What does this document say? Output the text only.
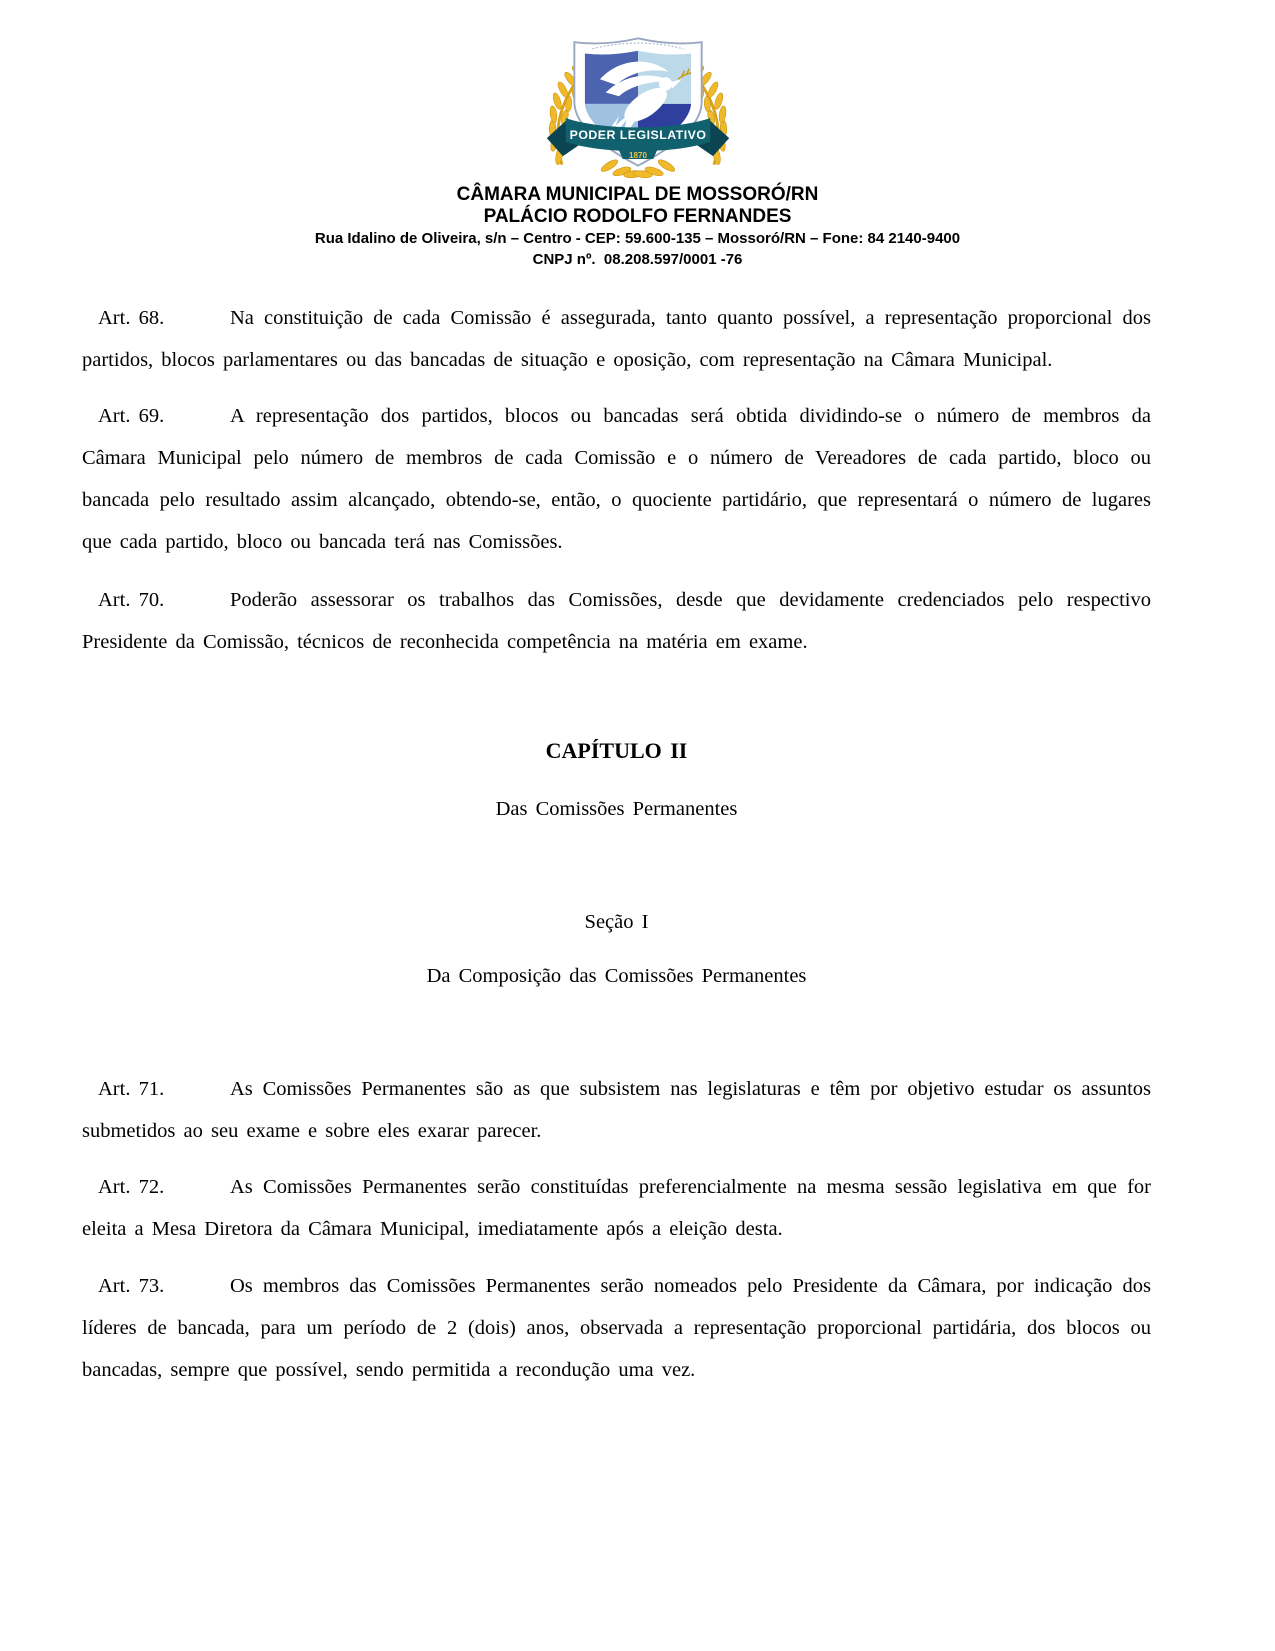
PODER LEGISLATIVO
1870
CÂMARA MUNICIPAL DE MOSSORÓ/RN
PALÁCIO RODOLFO FERNANDES
Rua Idalino de Oliveira, s/n – Centro - CEP: 59.600-135 – Mossoró/RN – Fone: 84 2140-9400
CNPJ nº.  08.208.597/0001 -76

Art. 68.	Na constituição de cada Comissão é assegurada, tanto quanto possível, a representação proporcional dos partidos, blocos parlamentares ou das bancadas de situação e oposição, com representação na Câmara Municipal.

Art. 69.	A representação dos partidos, blocos ou bancadas será obtida dividindo-se o número de membros da Câmara Municipal pelo número de membros de cada Comissão e o número de Vereadores de cada partido, bloco ou bancada pelo resultado assim alcançado, obtendo-se, então, o quociente partidário, que representará o número de lugares que cada partido, bloco ou bancada terá nas Comissões.

Art. 70.	Poderão assessorar os trabalhos das Comissões, desde que devidamente credenciados pelo respectivo Presidente da Comissão, técnicos de reconhecida competência na matéria em exame.

CAPÍTULO II

Das Comissões Permanentes

Seção I

Da Composição das Comissões Permanentes

Art. 71.	As Comissões Permanentes são as que subsistem nas legislaturas e têm por objetivo estudar os assuntos submetidos ao seu exame e sobre eles exarar parecer.

Art. 72.	As Comissões Permanentes serão constituídas preferencialmente na mesma sessão legislativa em que for eleita a Mesa Diretora da Câmara Municipal, imediatamente após a eleição desta.

Art. 73.	Os membros das Comissões Permanentes serão nomeados pelo Presidente da Câmara, por indicação dos líderes de bancada, para um período de 2 (dois) anos, observada a representação proporcional partidária, dos blocos ou bancadas, sempre que possível, sendo permitida a recondução uma vez.
